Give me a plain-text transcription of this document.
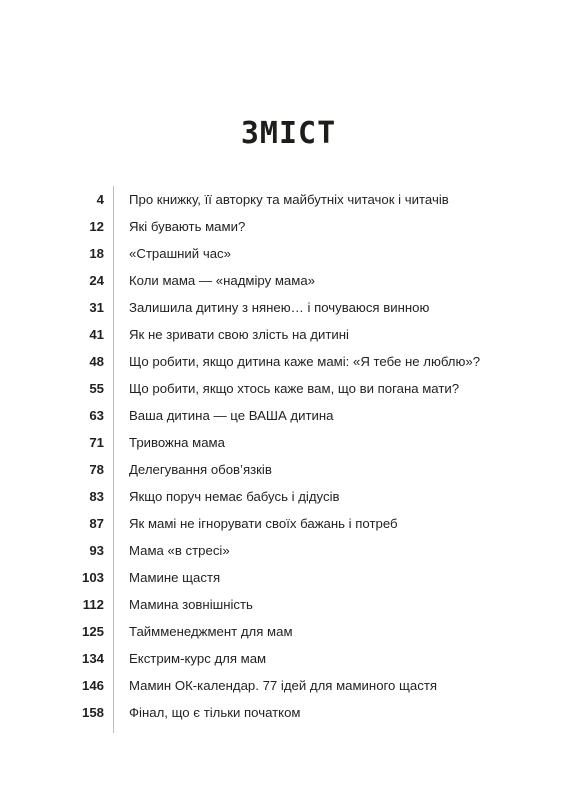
ЗМІСТ
4 Про книжку, її авторку та майбутніх читачок і читачів
12 Які бувають мами?
18 «Страшний час»
24 Коли мама — «надміру мама»
31 Залишила дитину з нянею… і почуваюся винною
41 Як не зривати свою злість на дитині
48 Що робити, якщо дитина каже мамі: «Я тебе не люблю»?
55 Що робити, якщо хтось каже вам, що ви погана мати?
63 Ваша дитина — це ВАША дитина
71 Тривожна мама
78 Делегування обов’язків
83 Якщо поруч немає бабусь і дідусів
87 Як мамі не ігнорувати своїх бажань і потреб
93 Мама «в стресі»
103 Мамине щастя
112 Мамина зовнішність
125 Таймменеджмент для мам
134 Екстрим-курс для мам
146 Мамин ОК-календар. 77 ідей для маминого щастя
158 Фінал, що є тільки початком
